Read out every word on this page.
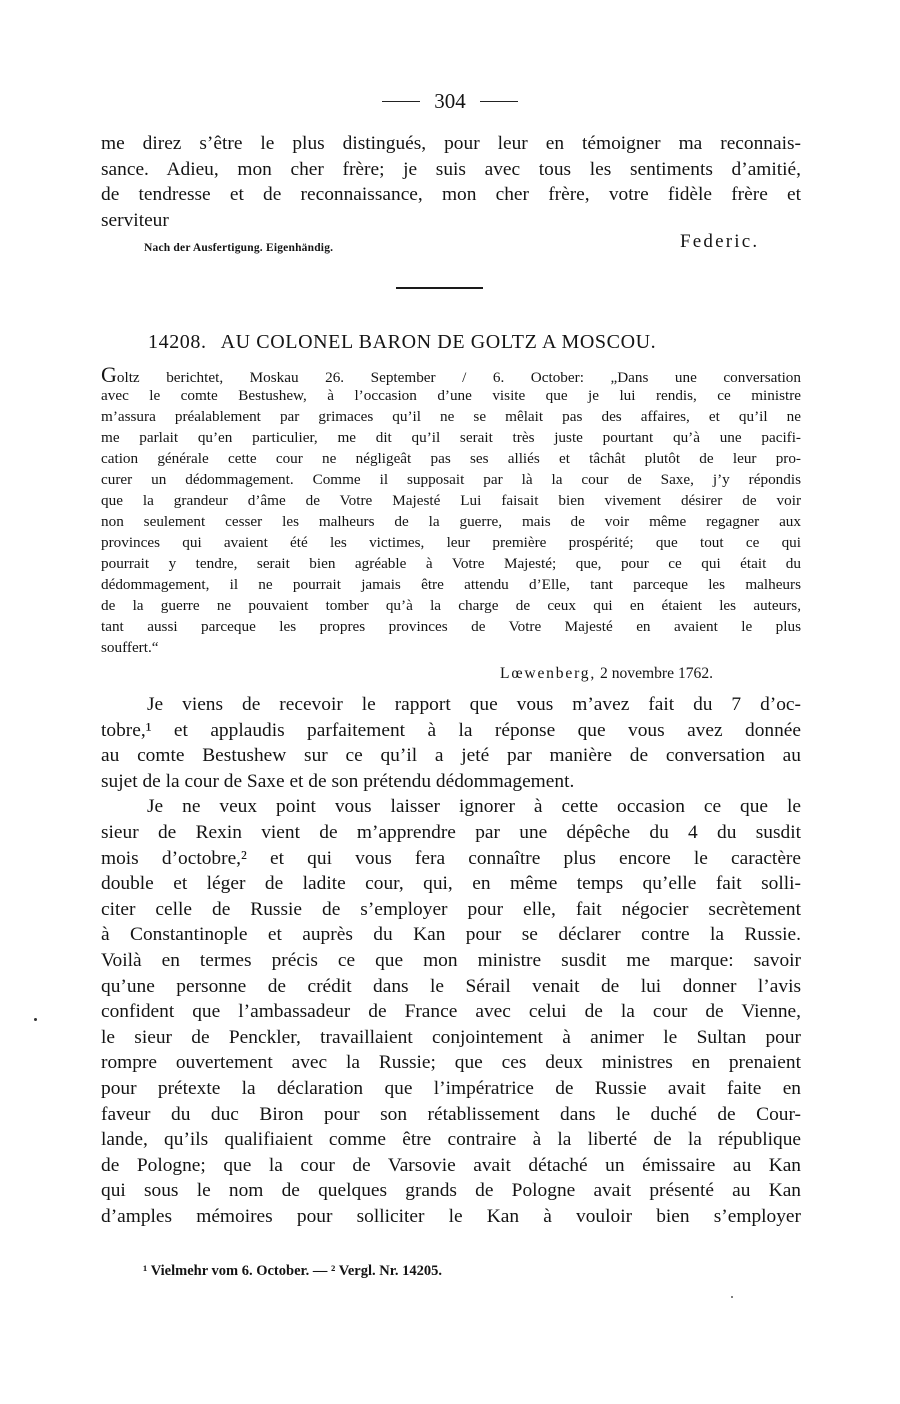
304
me direz s’être le plus distingués, pour leur en témoigner ma reconnais-
sance. Adieu, mon cher frère; je suis avec tous les sentiments d’amitié,
de tendresse et de reconnaissance, mon cher frère, votre fidèle frère et
serviteur
Nach der Ausfertigung. Eigenhändig.	Federic.
14208. AU COLONEL BARON DE GOLTZ A MOSCOU.
Goltz berichtet, Moskau 26. September / 6. October: „Dans une conversation
avec le comte Bestushew, à l’occasion d’une visite que je lui rendis, ce ministre
m’assura préalablement par grimaces qu’il ne se mêlait pas des affaires, et qu’il ne
me parlait qu’en particulier, me dit qu’il serait très juste pourtant qu’à une pacifi-
cation générale cette cour ne négligeât pas ses alliés et tâchât plutôt de leur pro-
curer un dédommagement. Comme il supposait par là la cour de Saxe, j’y répondis
que la grandeur d’âme de Votre Majesté Lui faisait bien vivement désirer de voir
non seulement cesser les malheurs de la guerre, mais de voir même regagner aux
provinces qui avaient été les victimes, leur première prospérité; que tout ce qui
pourrait y tendre, serait bien agréable à Votre Majesté; que, pour ce qui était du
dédommagement, il ne pourrait jamais être attendu d’Elle, tant parceque les malheurs
de la guerre ne pouvaient tomber qu’à la charge de ceux qui en étaient les auteurs,
tant aussi parceque les propres provinces de Votre Majesté en avaient le plus
souffert.“
Lœwenberg, 2 novembre 1762.
Je viens de recevoir le rapport que vous m’avez fait du 7 d’oc-
tobre,¹ et applaudis parfaitement à la réponse que vous avez donnée
au comte Bestushew sur ce qu’il a jeté par manière de conversation au
sujet de la cour de Saxe et de son prétendu dédommagement.
Je ne veux point vous laisser ignorer à cette occasion ce que le
sieur de Rexin vient de m’apprendre par une dépêche du 4 du susdit
mois d’octobre,² et qui vous fera connaître plus encore le caractère
double et léger de ladite cour, qui, en même temps qu’elle fait solli-
citer celle de Russie de s’employer pour elle, fait négocier secrètement
à Constantinople et auprès du Kan pour se déclarer contre la Russie.
Voilà en termes précis ce que mon ministre susdit me marque: savoir
qu’une personne de crédit dans le Sérail venait de lui donner l’avis
confident que l’ambassadeur de France avec celui de la cour de Vienne,
le sieur de Penckler, travaillaient conjointement à animer le Sultan pour
rompre ouvertement avec la Russie; que ces deux ministres en prenaient
pour prétexte la déclaration que l’impératrice de Russie avait faite en
faveur du duc Biron pour son rétablissement dans le duché de Cour-
lande, qu’ils qualifiaient comme être contraire à la liberté de la république
de Pologne; que la cour de Varsovie avait détaché un émissaire au Kan
qui sous le nom de quelques grands de Pologne avait présenté au Kan
d’amples mémoires pour solliciter le Kan à vouloir bien s’employer
¹ Vielmehr vom 6. October. — ² Vergl. Nr. 14205.
